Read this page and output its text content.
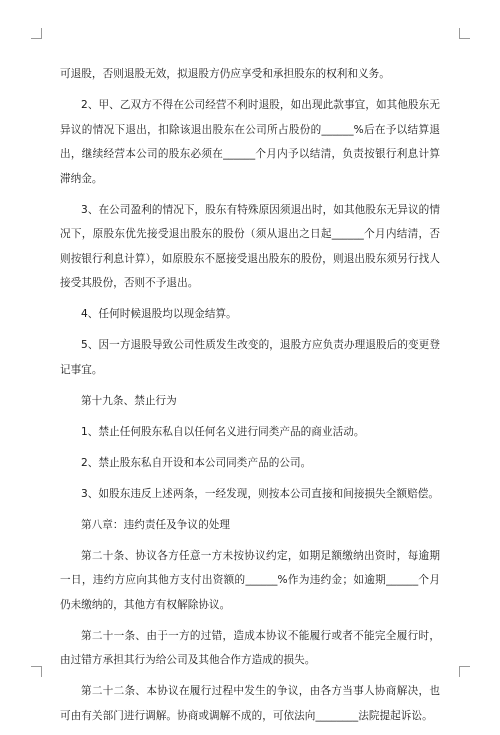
可退股，否则退股无效，拟退股方仍应享受和承担股东的权利和义务。

2、甲、乙双方不得在公司经营不利时退股，如出现此款事宜，如其他股东无异议的情况下退出，扣除该退出股东在公司所占股份的______%后在予以结算退出，继续经营本公司的股东必须在______个月内予以结清，负责按银行利息计算滞纳金。

3、在公司盈利的情况下，股东有特殊原因须退出时，如其他股东无异议的情况下，原股东优先接受退出股东的股份（须从退出之日起______个月内结清，否则按银行利息计算），如原股东不愿接受退出股东的股份，则退出股东须另行找人接受其股份，否则不予退出。

4、任何时候退股均以现金结算。

5、因一方退股导致公司性质发生改变的，退股方应负责办理退股后的变更登记事宜。

第十九条、禁止行为

1、禁止任何股东私自以任何名义进行同类产品的商业活动。

2、禁止股东私自开设和本公司同类产品的公司。

3、如股东违反上述两条，一经发现，则按本公司直接和间接损失全额赔偿。

第八章：违约责任及争议的处理

第二十条、协议各方任意一方未按协议约定，如期足额缴纳出资时，每逾期一日，违约方应向其他方支付出资额的______%作为违约金；如逾期______个月仍未缴纳的，其他方有权解除协议。

第二十一条、由于一方的过错，造成本协议不能履行或者不能完全履行时，由过错方承担其行为给公司及其他合作方造成的损失。

第二十二条、本协议在履行过程中发生的争议，由各方当事人协商解决，也可由有关部门进行调解。协商或调解不成的，可依法向________法院提起诉讼。
